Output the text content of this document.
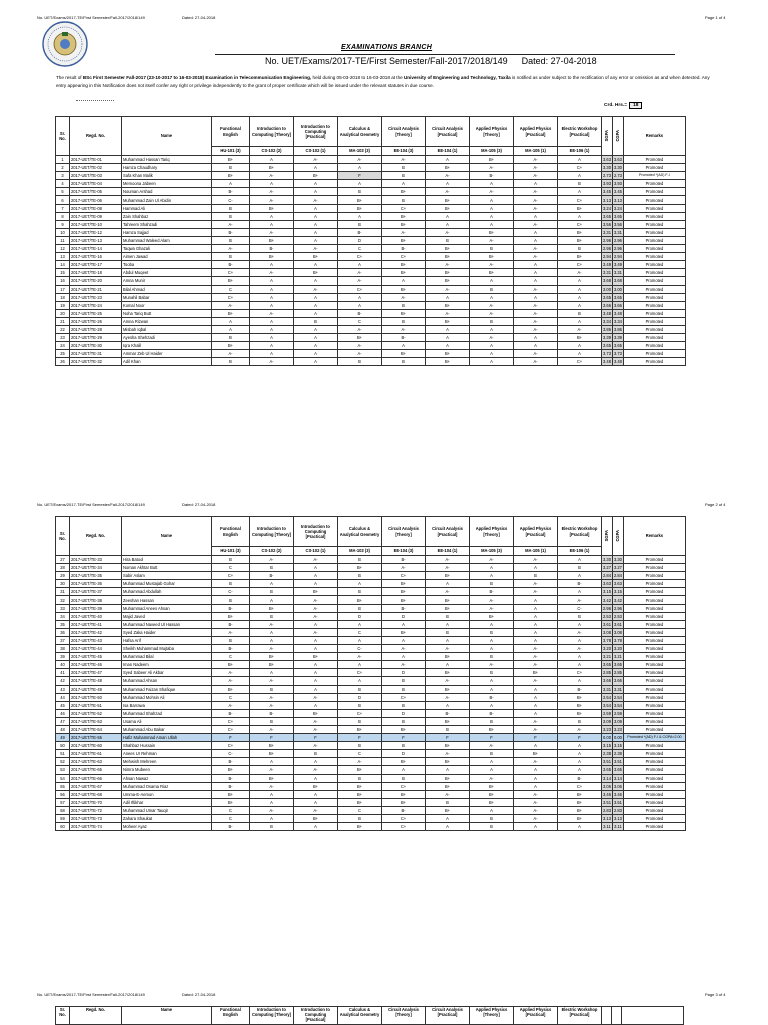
No. UET/Exams/2017-TE/First Semester/Fall-2017/2018/149	Dated: 27-04-2018	Page 1 of 4
EXAMINATIONS BRANCH
No. UET/Exams/2017-TE/First Semester/Fall-2017/2018/149 Dated: 27-04-2018
The result of BSc First Semester Fall-2017 (23-10-2017 to 16-03-2018) Examination in Telecommunication Engineering, held during 05-03-2018 to 16-03-2018 at the University of Engineering and Technology, Taxila is notified as under subject to the rectification of any error or omission as and when detected. Any entry appearing in this Notification does not itself confer any right or privilege independently to the grant of proper certificate which will be issued under the relevant statutes in due course.
Crd. Hrs.= 18
Sr. No.	Regd. No.	Name	Functional English	Introduction to Computing [Theory]	Introduction to Computing [Practical]	Calculus & Analytical Geometry	Circuit Analysis [Theory]	Circuit Analysis [Practical]	Applied Physics [Theory]	Applied Physics [Practical]	Electric Workshop [Practical]	SGPA	CGPA	Remarks
			HU-101 (3)	CS-102 (2)	CS-102 (1)	MA-103 (3)	EE-104 (3)	EE-104 (1)	MA-105 (3)	MA-105 (1)	EE-106 (1)			
1	2017-UET/TE-01	Muhammad Hassan Tariq	B+	A	A-	A-	A-	A	B+	A-	A	3.63	3.63	Promoted
2	2017-UET/TE-02	Hamza Chaudhary	B	B+	A	A	B	B+	A-	A-	C+	3.30	3.30	Promoted
3	2017-UET/TE-03	Safa Khan Malik	B+	A-	B+	F	B	A-	B-	A-	A	2.73	2.73	Promoted *(AD) F-I
4	2017-UET/TE-04	Memoona Jabeen	A	A	A	A	A	A	A	A	B	3.93	3.93	Promoted
5	2017-UET/TE-05	Nouman Arshad	B-	A-	A	B	B+	A-	A-	A-	A	3.45	3.45	Promoted
6	2017-UET/TE-06	Muhammad Zain Ul Abidin	C-	A-	A-	B+	B	B+	A	A-	C+	3.13	3.13	Promoted
7	2017-UET/TE-08	Hammad Ali	B	B+	A	B+	C+	B+	A	A-	B+	3.24	3.24	Promoted
8	2017-UET/TE-09	Zain Shahbaz	B	A	A	A	B+	A	A	A	A	3.65	3.65	Promoted
9	2017-UET/TE-10	Tahreem Shahzadi	A-	A	A	B	B+	A	A	A-	C+	3.56	3.56	Promoted
10	2017-UET/TE-12	Hamza Sajjad	B-	A-	A	B-	A-	A-	B+	A	B+	3.31	3.31	Promoted
11	2017-UET/TE-13	Muhammad Waleed Alam	B	B+	A	D	B+	B	A-	A	B+	2.96	2.96	Promoted
12	2017-UET/TE-14	Taqwa Ghazali	A-	B-	A-	C	B-	B+	B	A-	B	2.96	2.96	Promoted
13	2017-UET/TE-16	Aimen Jawad	B	B+	B+	C+	C+	B+	B+	A-	B+	2.94	2.94	Promoted
14	2017-UET/TE-17	Tooba	B-	A	A	A	B+	A-	A-	A	C+	3.49	3.49	Promoted
15	2017-UET/TE-18	Abdul Muqeet	C+	A-	B+	A-	B+	B+	B+	A	A-	3.31	3.31	Promoted
16	2017-UET/TE-20	Amna Munir	B+	A	A	A-	A	B+	A	A	A	3.68	3.68	Promoted
17	2017-UET/TE-21	Bilal Ahmad	C	A	A-	C+	B+	A-	B	A-	A	3.00	3.00	Promoted
18	2017-UET/TE-23	Munahil Babar	C+	A	A	A	A-	A	A	A	A	3.65	3.65	Promoted
19	2017-UET/TE-24	Komal Noor	A-	A	A	A	B	B+	A-	A-	A	3.66	3.66	Promoted
20	2017-UET/TE-25	Noha Tariq Butt	B+	A-	A	B-	B+	A-	A-	A-	B	3.48	3.48	Promoted
21	2017-UET/TE-26	Amna Rizwan	A	A	B	C	B	B+	B	A-	A	3.34	3.34	Promoted
22	2017-UET/TE-28	Misbah Iqbal	A	A	A	A-	A-	A	A	A-	A-	3.86	3.86	Promoted
23	2017-UET/TE-29	Ayesha Shehzadi	B	A	A	B+	B-	A	A-	A	B+	3.39	3.39	Promoted
24	2017-UET/TE-30	Iqra Khalil	B+	A	A	A-	A	A	A	A	A	3.65	3.65	Promoted
25	2017-UET/TE-31	Ammar Zeb Ul Haider	A-	A	A	A-	B+	B+	A	A-	A	3.73	3.73	Promoted
26	2017-UET/TE-32	Adil Khan	B	A-	A	B	B	B+	A	A-	C+	3.48	3.48	Promoted
No. UET/Exams/2017-TE/First Semester/Fall-2017/2018/149	Dated: 27-04-2018	Page 2 of 4
Sr. No.	Regd. No.	Name	Functional English	Introduction to Computing [Theory]	Introduction to Computing [Practical]	Calculus & Analytical Geometry	Circuit Analysis [Theory]	Circuit Analysis [Practical]	Applied Physics [Theory]	Applied Physics [Practical]	Electric Workshop [Practical]	SGPA	CGPA	Remarks
			HU-101 (3)	CS-102 (2)	CS-102 (1)	MA-103 (3)	EE-104 (3)	EE-104 (1)	MA-105 (3)	MA-105 (1)	EE-106 (1)			
27	2017-UET/TE-33	Hira Batool	B	A-	A-	B	B-	A-	A-	A-	A	3.30	3.30	Promoted
28	2017-UET/TE-34	Noman Akhtar Butt	C	B	A	B+	A-	A-	A	A	B	3.27	3.27	Promoted
29	2017-UET/TE-35	Sabir Aslam	C+	B-	A	B	C+	B+	A	B	A	2.84	2.84	Promoted
30	2017-UET/TE-36	Muhammad Mustajab Gohar	B	A	A	A	B+	A	B	A-	B-	3.63	3.63	Promoted
31	2017-UET/TE-37	Muhammad Abdullah	C-	B	B+	B	B+	A-	B-	A-	A	3.15	3.15	Promoted
32	2017-UET/TE-38	Zeeshan Hassan	B	A	A-	B+	B+	B+	A-	A	A-	3.42	3.42	Promoted
33	2017-UET/TE-39	Muhammad Anees Ahsan	B-	B+	A-	B	B-	B+	A-	A	C-	2.96	2.96	Promoted
34	2017-UET/TE-40	Majid Javed	B+	B	A-	D	D	B	B+	A	B	2.53	2.53	Promoted
35	2017-UET/TE-41	Muhammad Naveed Ul Hassan	B-	A-	A	A	A	A	A	A	A	3.61	3.61	Promoted
36	2017-UET/TE-42	Syed Zaka Haider	A-	A	A-	C	B+	B	B	A	A-	3.08	3.08	Promoted
37	2017-UET/TE-43	Hafsa Arif	B	A	A	A	A	A	A	A	A	3.78	3.78	Promoted
38	2017-UET/TE-44	Sheikh Muhammad Mujtaba	B-	A-	A	C-	A-	A-	A	A-	A-	3.20	3.20	Promoted
39	2017-UET/TE-45	Muhammad Bilal	C	B+	B+	A-	A	B+	B	A-	A	3.21	3.21	Promoted
40	2017-UET/TE-46	Iman Nadeem	B+	B+	A	A	A-	A	A-	A-	A	3.65	3.65	Promoted
41	2017-UET/TE-47	Syed Sabeer Ali Akbar	A-	A	A	C+	D	B+	B	B+	C+	2.85	2.85	Promoted
42	2017-UET/TE-48	Muhammad Ahsan	A-	A-	A	A	B	A-	A	A-	A	3.66	3.66	Promoted
43	2017-UET/TE-49	Muhammad Faizan Shafique	B+	B	A	B	B	B+	A	A	B-	3.31	3.31	Promoted
44	2017-UET/TE-50	Muhammad Mohsin Ali	C	A-	A-	D	C+	A-	B-	A	B+	2.54	2.54	Promoted
45	2017-UET/TE-51	Isa Barrawa	A-	A-	A	B	B	A	A	A	B+	3.54	3.54	Promoted
46	2017-UET/TE-52	Muhammad Shahzad	B-	B-	B+	C+	D	B-	B-	A	B+	2.59	2.59	Promoted
47	2017-UET/TE-53	Usama Ali	C+	B	A-	B	B	B+	B	A-	B	3.09	3.09	Promoted
48	2017-UET/TE-54	Muhammad Abu Bakar	C+	A-	A-	B+	B+	B	B+	A-	A-	3.23	3.23	Promoted
49	2017-UET/TE-55	Hafiz Muhammad Aman Ullah	F	F	F	F	F	F	F	F	F	0.00	0.00	Promoted *(AD) F-I & CGPA<2.00
50	2017-UET/TE-60	Shahbaz Hussain	C+	B+	A-	B	B	B+	A-	A	A	3.15	3.15	Promoted
51	2017-UET/TE-61	Anees Ur Rehman	C-	B+	B	C	D	A-	B	B+	A	2.38	2.38	Promoted
52	2017-UET/TE-63	Mehwish Mehreen	B-	A	A	A-	B+	B+	A	A-	A	3.51	3.51	Promoted
53	2017-UET/TE-65	Nimra Mubeen	B+	A-	A-	B+	A	A	A	A	A	3.65	3.65	Promoted
54	2017-UET/TE-66	Ahsan Nawaz	B-	B+	A	B	B	B+	A-	A	B-	3.14	3.14	Promoted
55	2017-UET/TE-67	Muhammad Osama Riaz	B-	A-	B+	B+	C+	B+	B+	A	C+	3.06	3.06	Promoted
56	2017-UET/TE-68	Umma-E-Aemon	B+	A	A	B+	B+	A-	B+	A-	B+	3.46	3.46	Promoted
57	2017-UET/TE-70	Adil Iftikhar	B+	A	A	B+	B+	B	B+	A-	B+	3.51	3.51	Promoted
58	2017-UET/TE-72	Muhammad Umar Tauqir	C	A-	A-	C	B-	B+	A	A-	B+	2.83	2.83	Promoted
59	2017-UET/TE-73	Zahara Shaukat	C	A	B+	B	C+	A	B	A-	B+	3.13	3.13	Promoted
60	2017-UET/TE-74	Moheer Ayaz	B-	B	A	B+	C+	A	B	A	A	3.11	3.11	Promoted
No. UET/Exams/2017-TE/First Semester/Fall-2017/2018/149	Dated: 27-04-2018	Page 3 of 4
Sr. No.	Regd. No.	Name	Functional English	Introduction to Computing [Theory]	Introduction to Computing [Practical]	Calculus & Analytical Geometry	Circuit Analysis [Theory]	Circuit Analysis [Practical]	Applied Physics [Theory]	Applied Physics [Practical]	Electric Workshop [Practical]			
